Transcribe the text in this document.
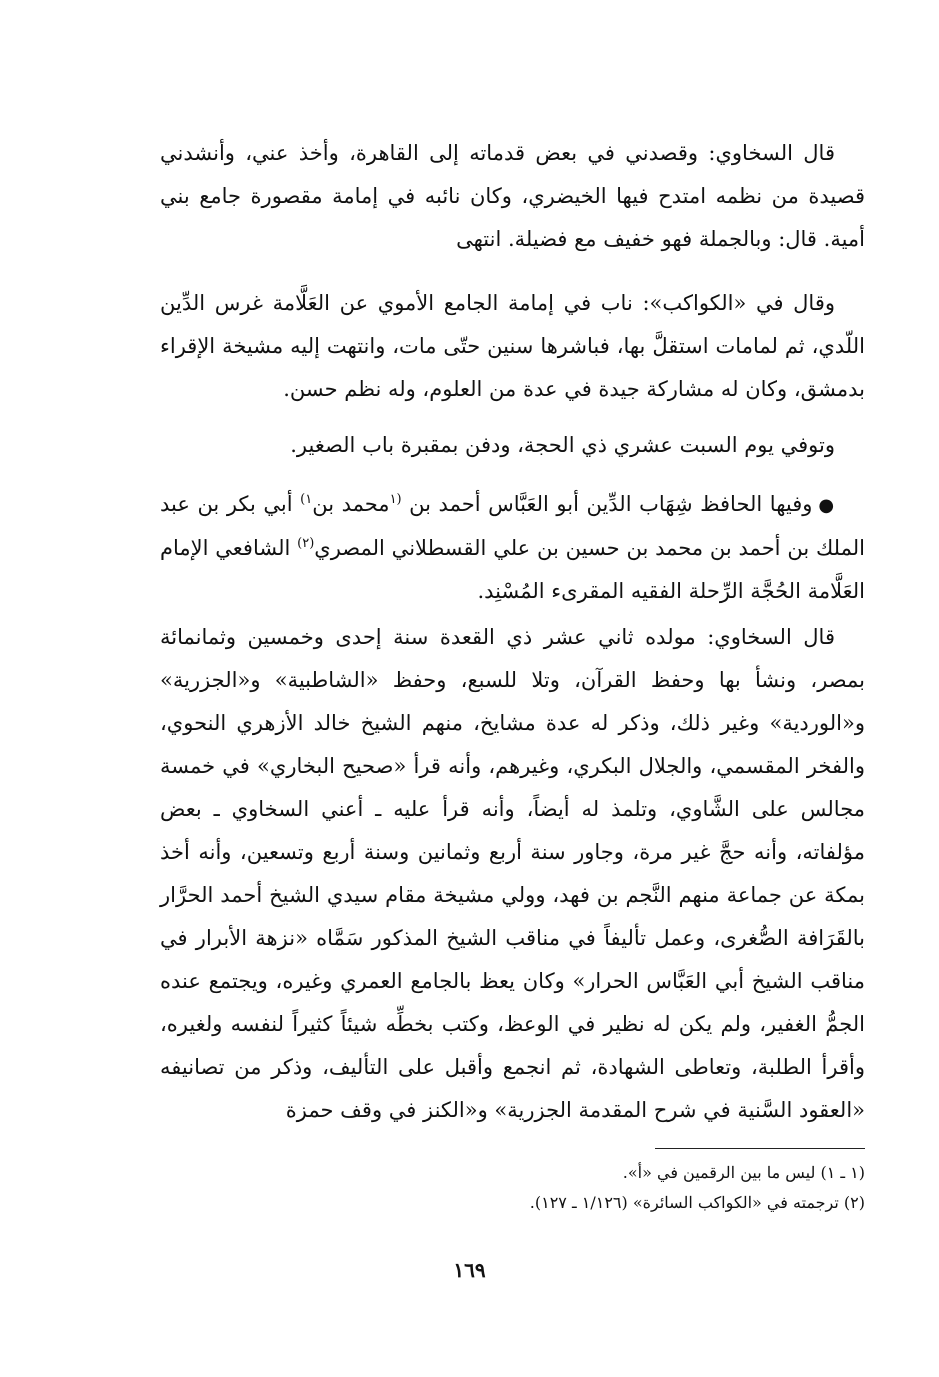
قال السخاوي: وقصدني في بعض قدماته إلى القاهرة، وأخذ عني، وأنشدني قصيدة من نظمه امتدح فيها الخيضري، وكان نائبه في إمامة مقصورة جامع بني أمية. قال: وبالجملة فهو خفيف مع فضيلة. انتهى

وقال في «الكواكب»: ناب في إمامة الجامع الأموي عن العَلَّامة غرس الدِّين اللّدي، ثم لمامات استقلَّ بها، فباشرها سنين حتّى مات، وانتهت إليه مشيخة الإقراء بدمشق، وكان له مشاركة جيدة في عدة من العلوم، وله نظم حسن.

وتوفي يوم السبت عشري ذي الحجة، ودفن بمقبرة باب الصغير.

●وفيها الحافظ شِهَاب الدِّين أبو العَبَّاس أحمد بن $^{(١}$محمد بن$^{١)}$ أبي بكر بن عبد الملك بن أحمد بن محمد بن حسين بن علي القسطلاني المصري$^{(٢)}$ الشافعي الإمام العَلَّامة الحُجَّة الرِّحلة الفقيه المقرىء المُسْنِد.

قال السخاوي: مولده ثاني عشر ذي القعدة سنة إحدى وخمسين وثمانمائة بمصر، ونشأ بها وحفظ القرآن، وتلا للسبع، وحفظ «الشاطبية» و«الجزرية» و«الوردية» وغير ذلك، وذكر له عدة مشايخ، منهم الشيخ خالد الأزهري النحوي، والفخر المقسمي، والجلال البكري، وغيرهم، وأنه قرأ «صحيح البخاري» في خمسة مجالس على الشَّاوي، وتلمذ له أيضاً، وأنه قرأ عليه ـ أعني السخاوي ـ بعض مؤلفاته، وأنه حجَّ غير مرة، وجاور سنة أربع وثمانين وسنة أربع وتسعين، وأنه أخذ بمكة عن جماعة منهم النَّجم بن فهد، وولي مشيخة مقام سيدي الشيخ أحمد الحرَّار بالقَرَافة الصُّغرى، وعمل تأليفاً في مناقب الشيخ المذكور سَمَّاه «نزهة الأبرار في مناقب الشيخ أبي العَبَّاس الحرار» وكان يعظ بالجامع العمري وغيره، ويجتمع عنده الجمُّ الغفير، ولم يكن له نظير في الوعظ، وكتب بخطِّه شيئاً كثيراً لنفسه ولغيره، وأقرأ الطلبة، وتعاطى الشهادة، ثم انجمع وأقبل على التأليف، وذكر من تصانيفه «العقود السَّنية في شرح المقدمة الجزرية» و«الكنز في وقف حمزة

(١ ـ ١) ليس ما بين الرقمين في «أ».

(٢) ترجمته في «الكواكب السائرة» (١/١٢٦ ـ ١٢٧).

١٦٩
